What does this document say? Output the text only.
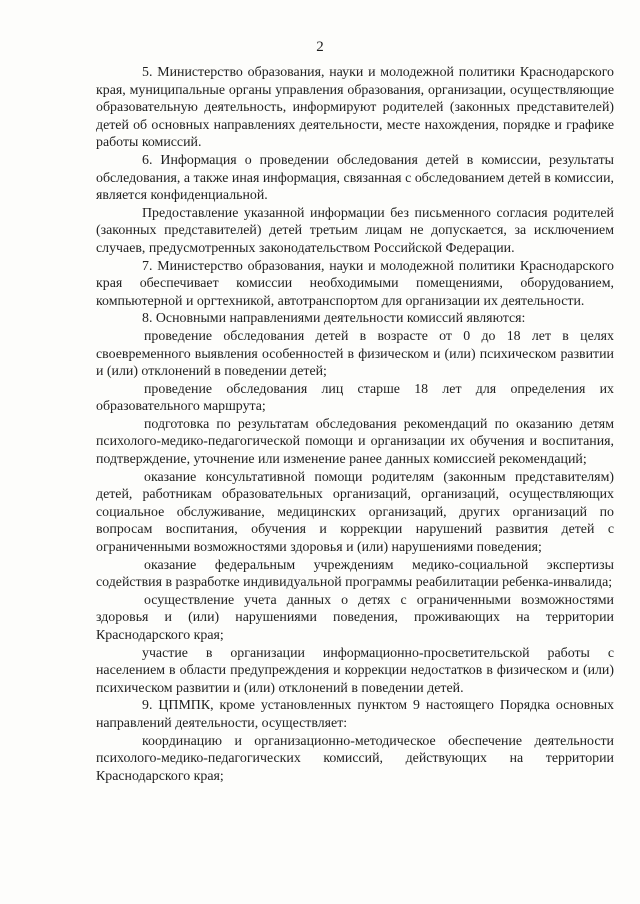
2

5. Министерство образования, науки и молодежной политики Краснодарского края, муниципальные органы управления образования, организации, осуществляющие образовательную деятельность, информируют родителей (законных представителей) детей об основных направлениях деятельности, месте нахождения, порядке и графике работы комиссий.

6. Информация о проведении обследования детей в комиссии, результаты обследования, а также иная информация, связанная с обследованием детей в комиссии, является конфиденциальной.

Предоставление указанной информации без письменного согласия родителей (законных представителей) детей третьим лицам не допускается, за исключением случаев, предусмотренных законодательством Российской Федерации.

7. Министерство образования, науки и молодежной политики Краснодарского края обеспечивает комиссии необходимыми помещениями, оборудованием, компьютерной и оргтехникой, автотранспортом для организации их деятельности.

8. Основными направлениями деятельности комиссий являются:

проведение обследования детей в возрасте от 0 до 18 лет в целях своевременного выявления особенностей в физическом и (или) психическом развитии и (или) отклонений в поведении детей;

проведение обследования лиц старше 18 лет для определения их образовательного маршрута;

подготовка по результатам обследования рекомендаций по оказанию детям психолого-медико-педагогической помощи и организации их обучения и воспитания, подтверждение, уточнение или изменение ранее данных комиссией рекомендаций;

оказание консультативной помощи родителям (законным представителям) детей, работникам образовательных организаций, организаций, осуществляющих социальное обслуживание, медицинских организаций, других организаций по вопросам воспитания, обучения и коррекции нарушений развития детей с ограниченными возможностями здоровья и (или) нарушениями поведения;

оказание федеральным учреждениям медико-социальной экспертизы содействия в разработке индивидуальной программы реабилитации ребенка-инвалида;

осуществление учета данных о детях с ограниченными возможностями здоровья и (или) нарушениями поведения, проживающих на территории Краснодарского края;

участие в организации информационно-просветительской работы с населением в области предупреждения и коррекции недостатков в физическом и (или) психическом развитии и (или) отклонений в поведении детей.

9. ЦПМПК, кроме установленных пунктом 9 настоящего Порядка основных направлений деятельности, осуществляет:

координацию и организационно-методическое обеспечение деятельности психолого-медико-педагогических комиссий, действующих на территории Краснодарского края;
